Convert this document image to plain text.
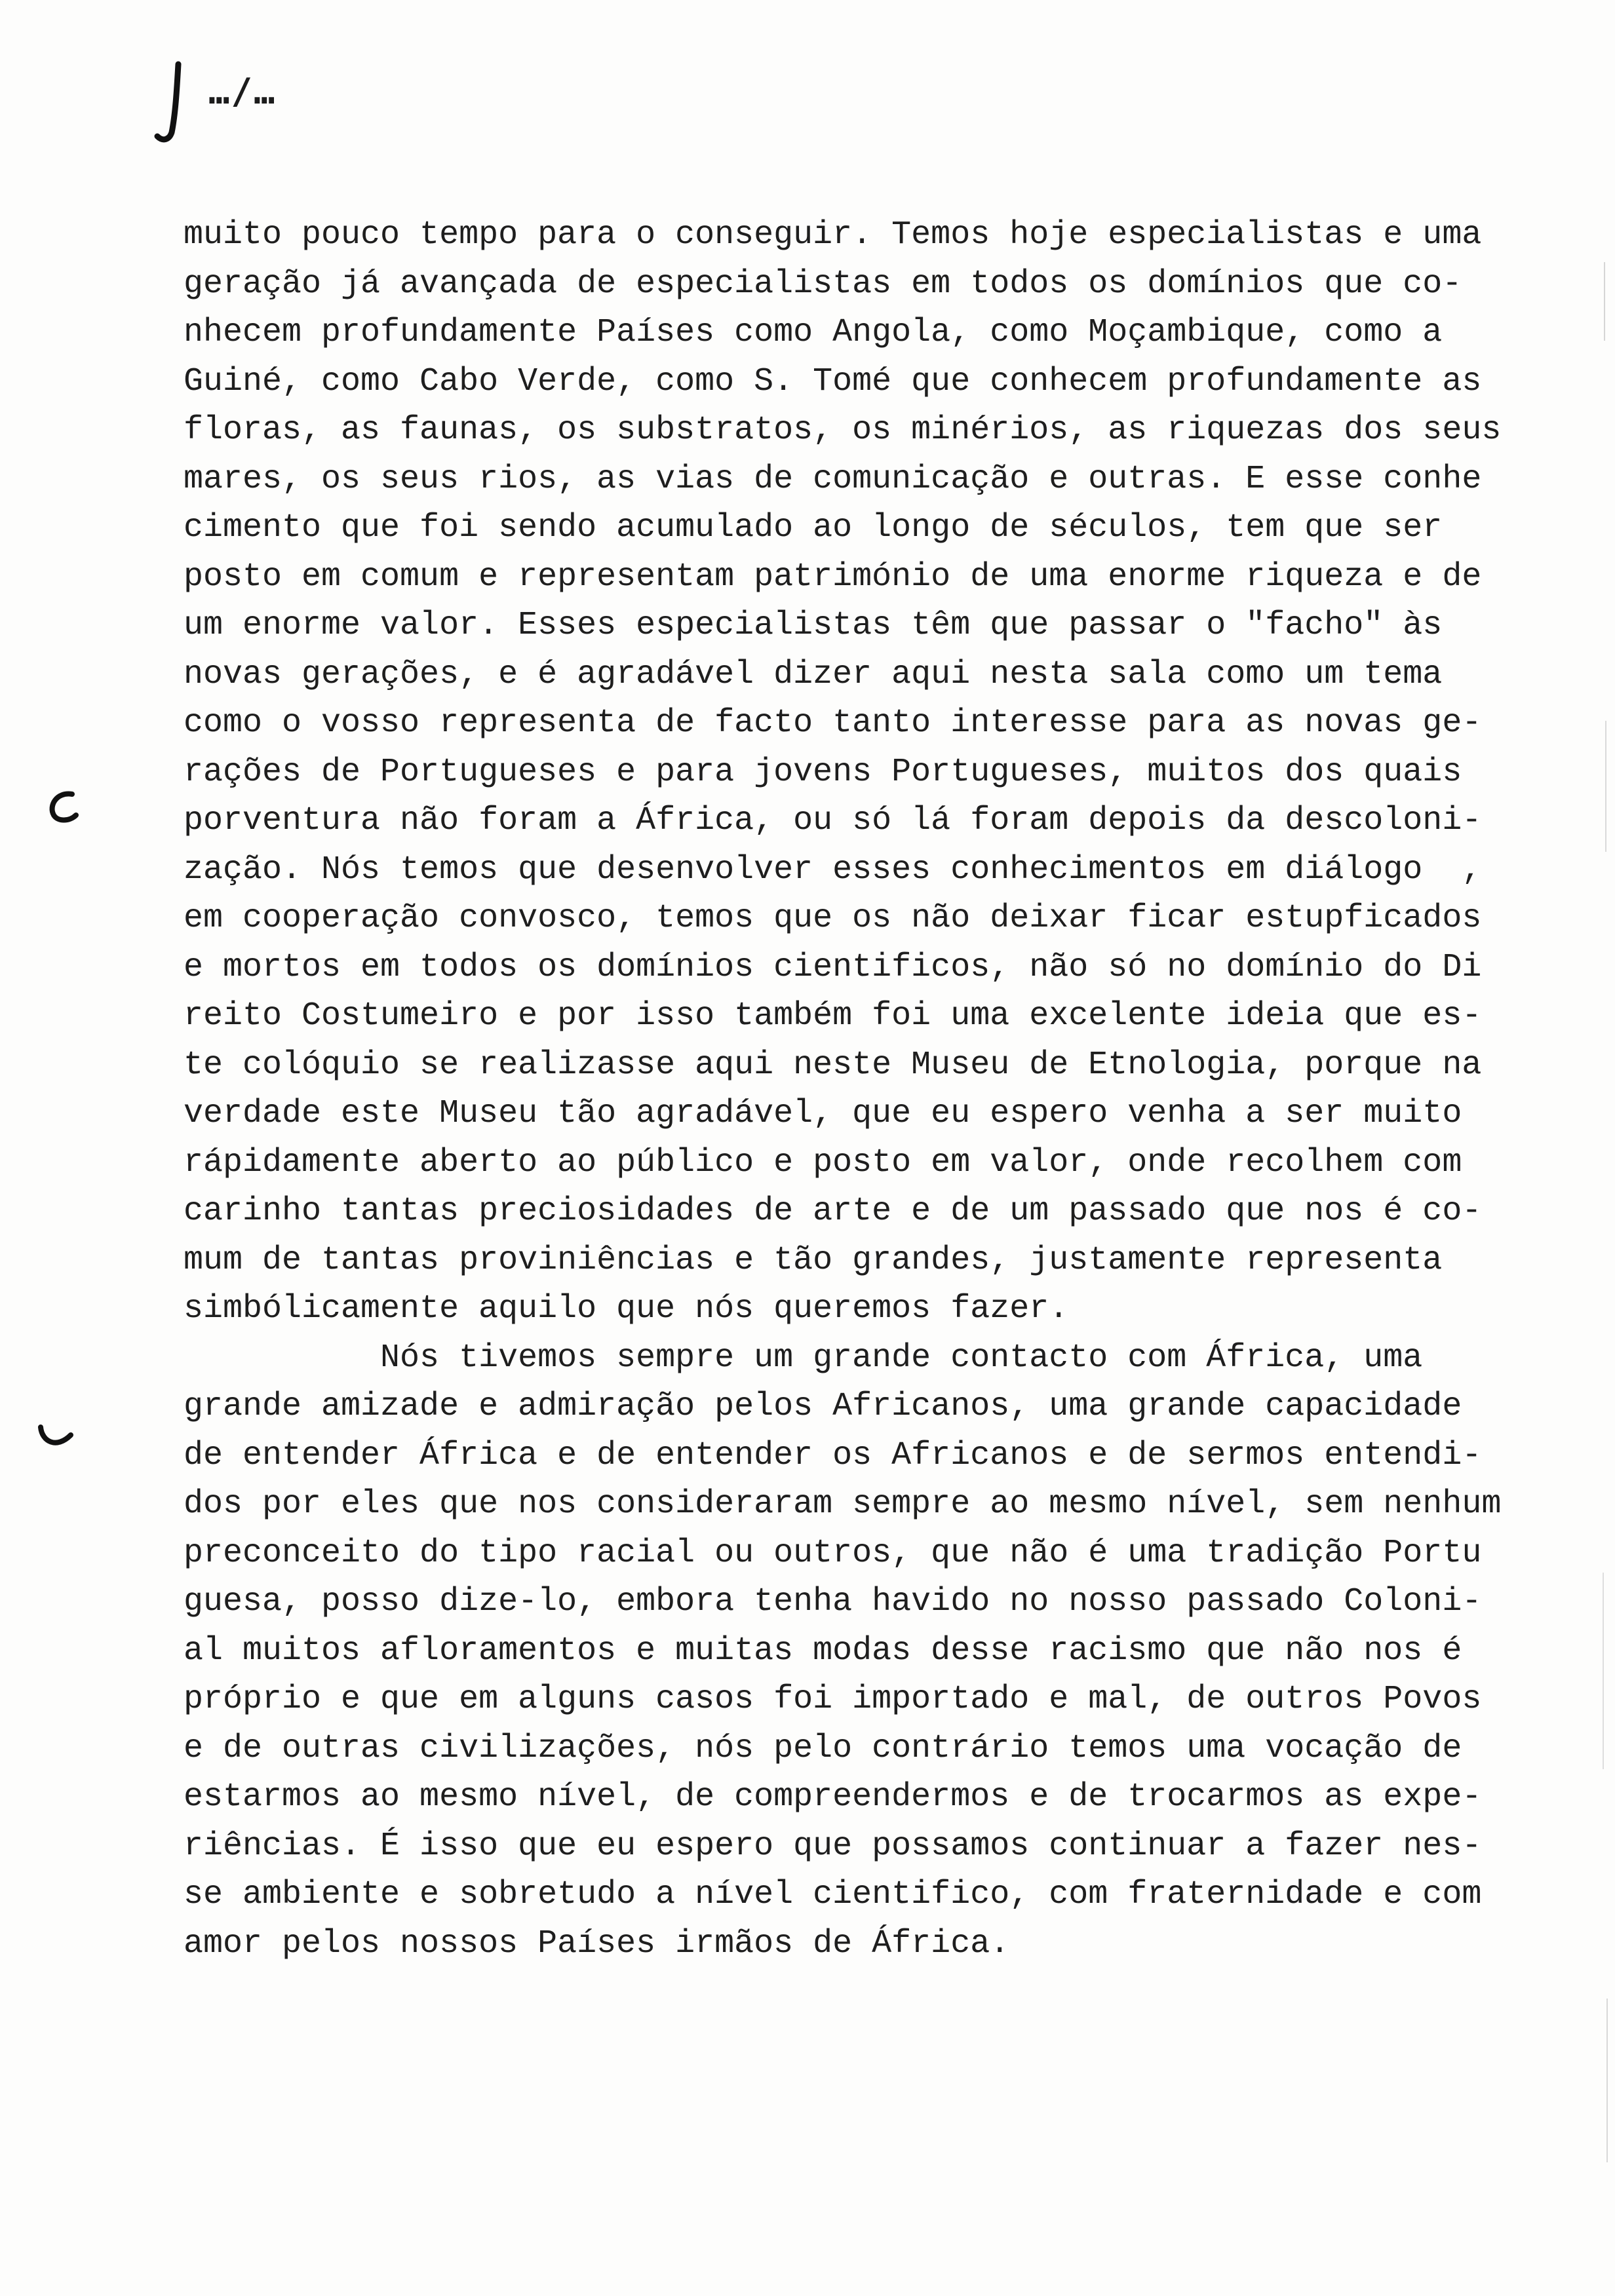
…/…
muito pouco tempo para o conseguir. Temos hoje especialistas e uma
geração já avançada de especialistas em todos os domínios que co-
nhecem profundamente Países como Angola, como Moçambique, como a
Guiné, como Cabo Verde, como S. Tomé que conhecem profundamente as
floras, as faunas, os substratos, os minérios, as riquezas dos seus
mares, os seus rios, as vias de comunicação e outras. E esse conhe
cimento que foi sendo acumulado ao longo de séculos, tem que ser
posto em comum e representam património de uma enorme riqueza e de
um enorme valor. Esses especialistas têm que passar o "facho" às
novas gerações, e é agradável dizer aqui nesta sala como um tema
como o vosso representa de facto tanto interesse para as novas ge-
rações de Portugueses e para jovens Portugueses, muitos dos quais
porventura não foram a África, ou só lá foram depois da descoloni-
zação. Nós temos que desenvolver esses conhecimentos em diálogo  ,
em cooperação convosco, temos que os não deixar ficar estupficados
e mortos em todos os domínios cientificos, não só no domínio do Di
reito Costumeiro e por isso também foi uma excelente ideia que es-
te colóquio se realizasse aqui neste Museu de Etnologia, porque na
verdade este Museu tão agradável, que eu espero venha a ser muito
rápidamente aberto ao público e posto em valor, onde recolhem com
carinho tantas preciosidades de arte e de um passado que nos é co-
mum de tantas proviniências e tão grandes, justamente representa
simbólicamente aquilo que nós queremos fazer.
Nós tivemos sempre um grande contacto com África, uma
grande amizade e admiração pelos Africanos, uma grande capacidade
de entender África e de entender os Africanos e de sermos entendi-
dos por eles que nos consideraram sempre ao mesmo nível, sem nenhum
preconceito do tipo racial ou outros, que não é uma tradição Portu
guesa, posso dize-lo, embora tenha havido no nosso passado Coloni-
al muitos afloramentos e muitas modas desse racismo que não nos é
próprio e que em alguns casos foi importado e mal, de outros Povos
e de outras civilizações, nós pelo contrário temos uma vocação de
estarmos ao mesmo nível, de compreendermos e de trocarmos as expe-
riências. É isso que eu espero que possamos continuar a fazer nes-
se ambiente e sobretudo a nível cientifico, com fraternidade e com
amor pelos nossos Países irmãos de África.
